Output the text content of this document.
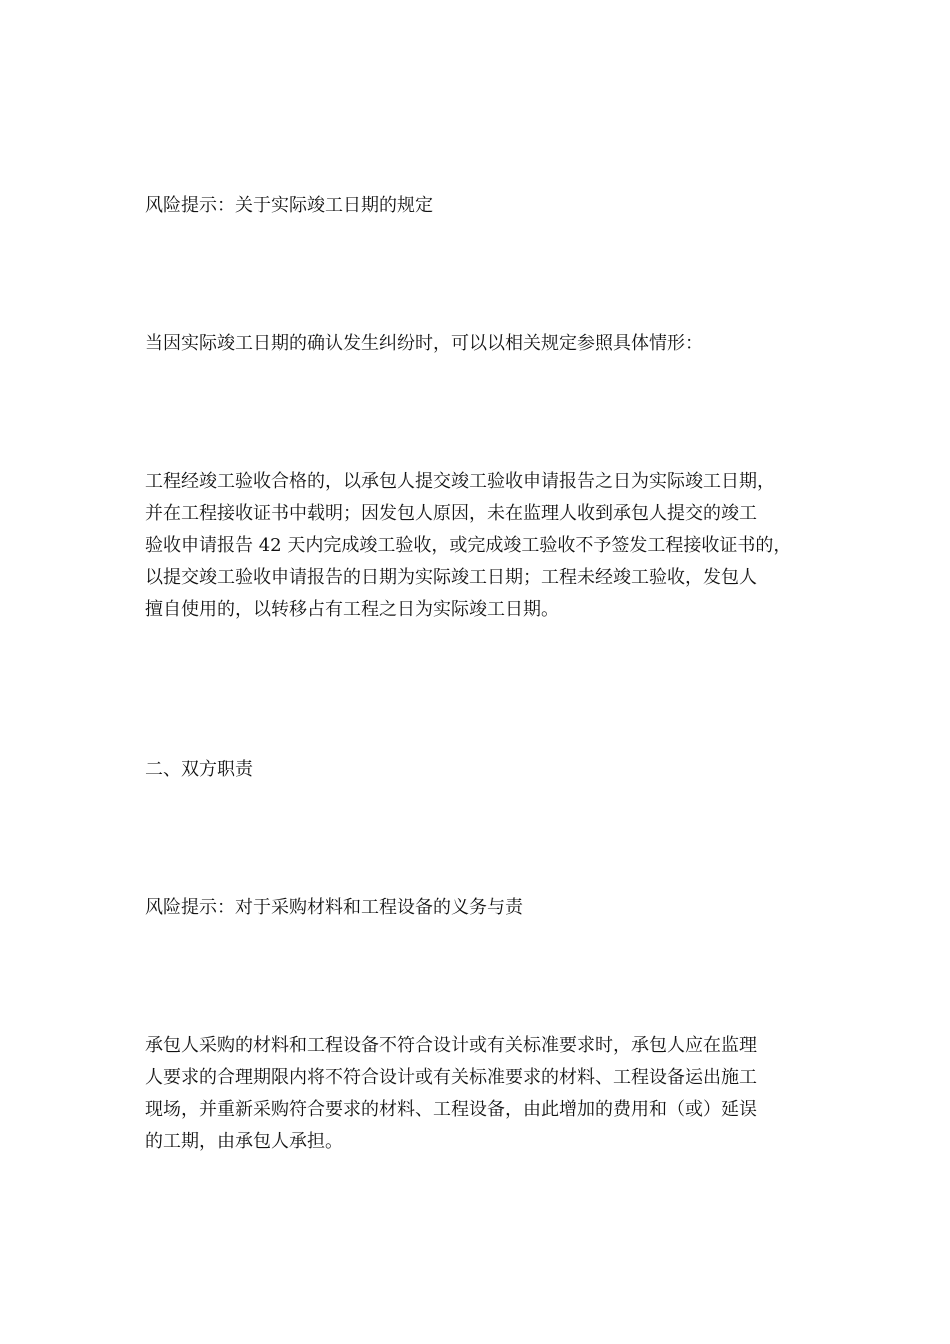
风险提示：关于实际竣工日期的规定

当因实际竣工日期的确认发生纠纷时，可以以相关规定参照具体情形：

工程经竣工验收合格的，以承包人提交竣工验收申请报告之日为实际竣工日期，
并在工程接收证书中载明；因发包人原因，未在监理人收到承包人提交的竣工
验收申请报告 42 天内完成竣工验收，或完成竣工验收不予签发工程接收证书的，
以提交竣工验收申请报告的日期为实际竣工日期；工程未经竣工验收，发包人
擅自使用的，以转移占有工程之日为实际竣工日期。

二、双方职责

风险提示：对于采购材料和工程设备的义务与责

承包人采购的材料和工程设备不符合设计或有关标准要求时，承包人应在监理
人要求的合理期限内将不符合设计或有关标准要求的材料、工程设备运出施工
现场，并重新采购符合要求的材料、工程设备，由此增加的费用和（或）延误
的工期，由承包人承担。
